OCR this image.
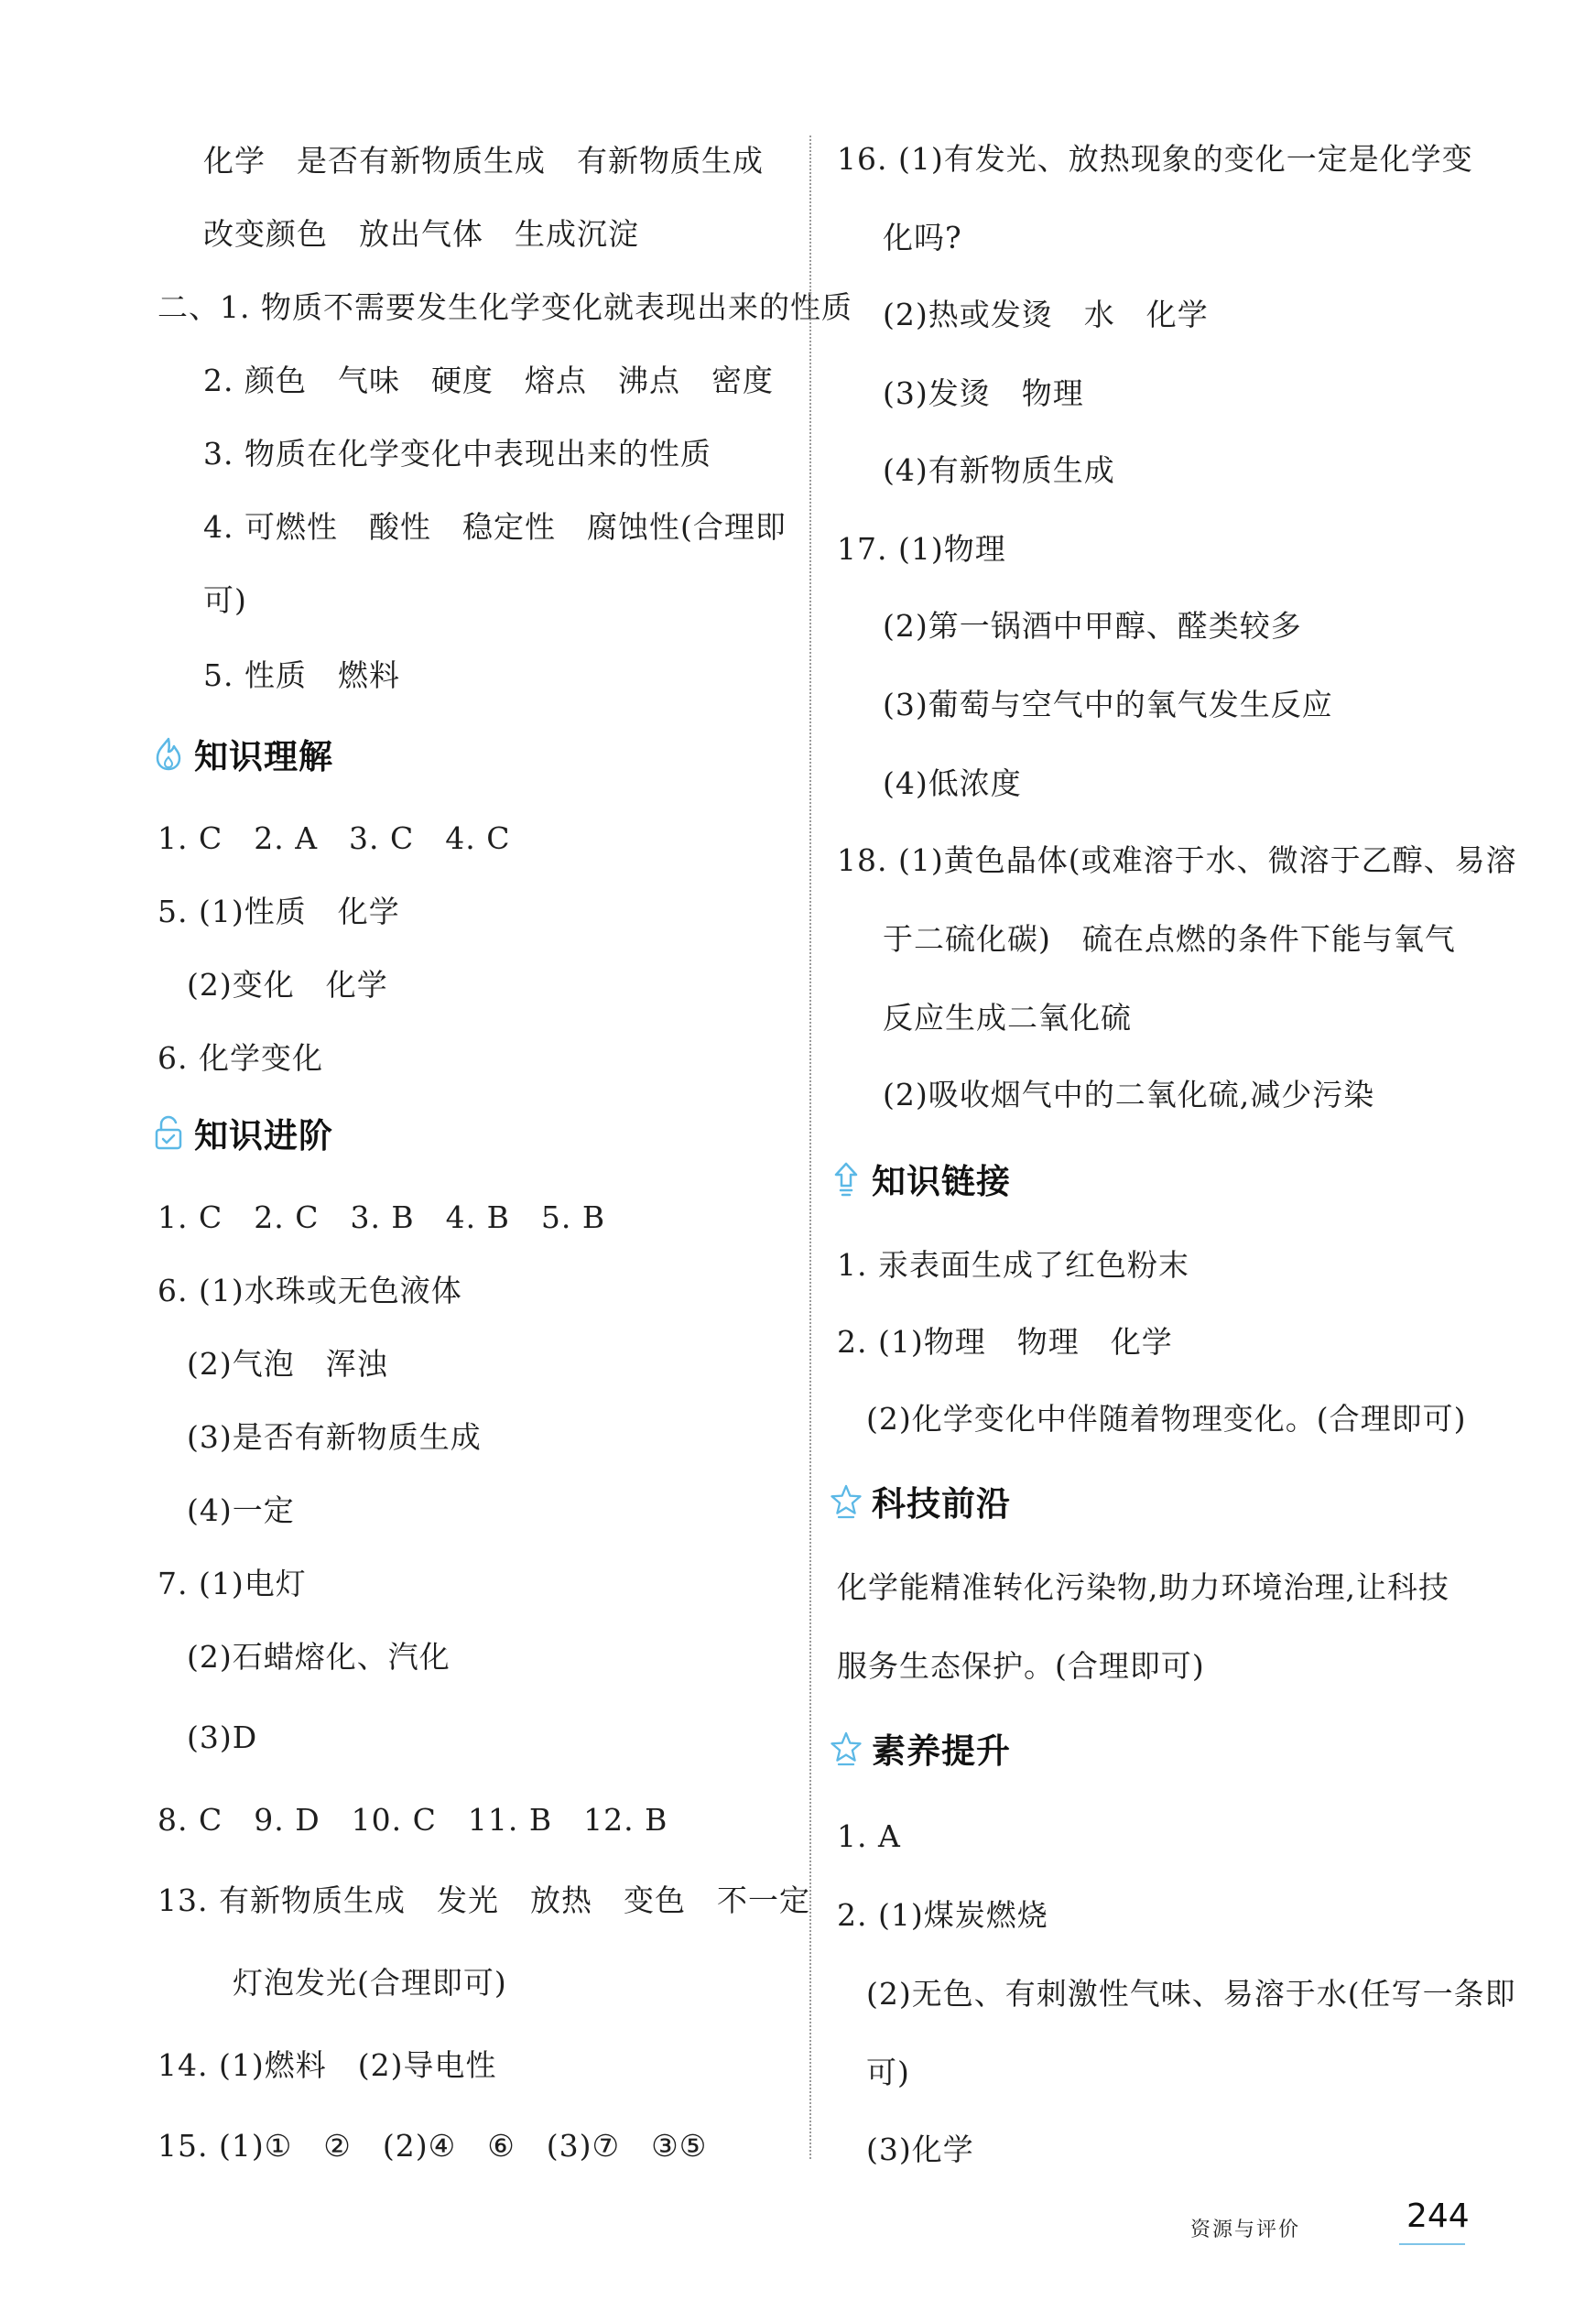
化学　是否有新物质生成　有新物质生成
改变颜色　放出气体　生成沉淀
二、1. 物质不需要发生化学变化就表现出来的性质
2. 颜色　气味　硬度　熔点　沸点　密度
3. 物质在化学变化中表现出来的性质
4. 可燃性　酸性　稳定性　腐蚀性(合理即
可)
5. 性质　燃料
知识理解
1. C　2. A　3. C　4. C
5. (1)性质　化学
(2)变化　化学
6. 化学变化
知识进阶
1. C　2. C　3. B　4. B　5. B
6. (1)水珠或无色液体
(2)气泡　浑浊
(3)是否有新物质生成
(4)一定
7. (1)电灯
(2)石蜡熔化、汽化
(3)D
8. C　9. D　10. C　11. B　12. B
13. 有新物质生成　发光　放热　变色　不一定
灯泡发光(合理即可)
14. (1)燃料　(2)导电性
15. (1)①　②　(2)④　⑥　(3)⑦　③⑤
16. (1)有发光、放热现象的变化一定是化学变
化吗?
(2)热或发烫　水　化学
(3)发烫　物理
(4)有新物质生成
17. (1)物理
(2)第一锅酒中甲醇、醛类较多
(3)葡萄与空气中的氧气发生反应
(4)低浓度
18. (1)黄色晶体(或难溶于水、微溶于乙醇、易溶
于二硫化碳)　硫在点燃的条件下能与氧气
反应生成二氧化硫
(2)吸收烟气中的二氧化硫,减少污染
知识链接
1. 汞表面生成了红色粉末
2. (1)物理　物理　化学
(2)化学变化中伴随着物理变化。(合理即可)
科技前沿
化学能精准转化污染物,助力环境治理,让科技
服务生态保护。(合理即可)
素养提升
1. A
2. (1)煤炭燃烧
(2)无色、有刺激性气味、易溶于水(任写一条即
可)
(3)化学
资源与评价	244
